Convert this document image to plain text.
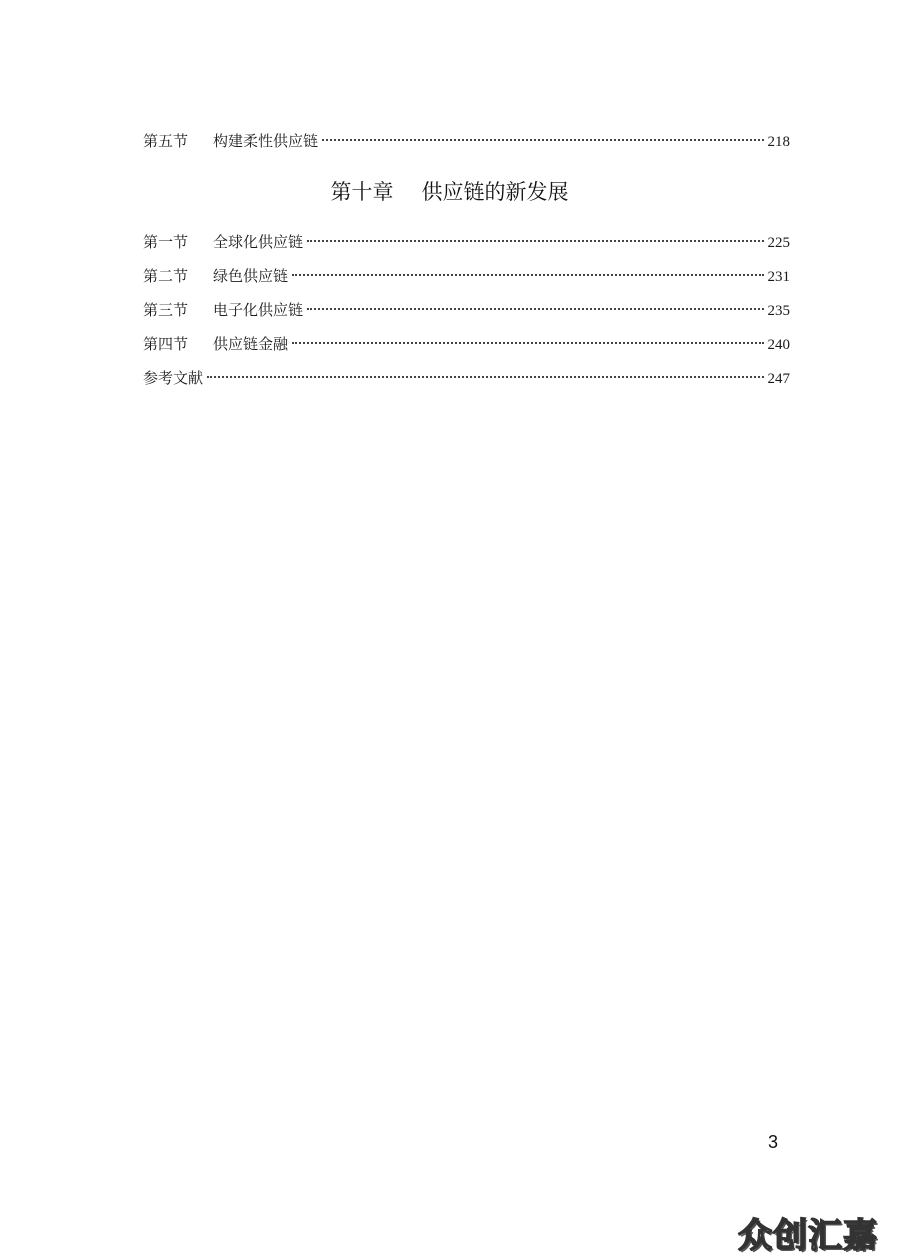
第五节	构建柔性供应链	218
第十章 供应链的新发展
第一节	全球化供应链	225
第二节	绿色供应链	231
第三节	电子化供应链	235
第四节	供应链金融	240
参考文献	247
3
众创汇嘉
